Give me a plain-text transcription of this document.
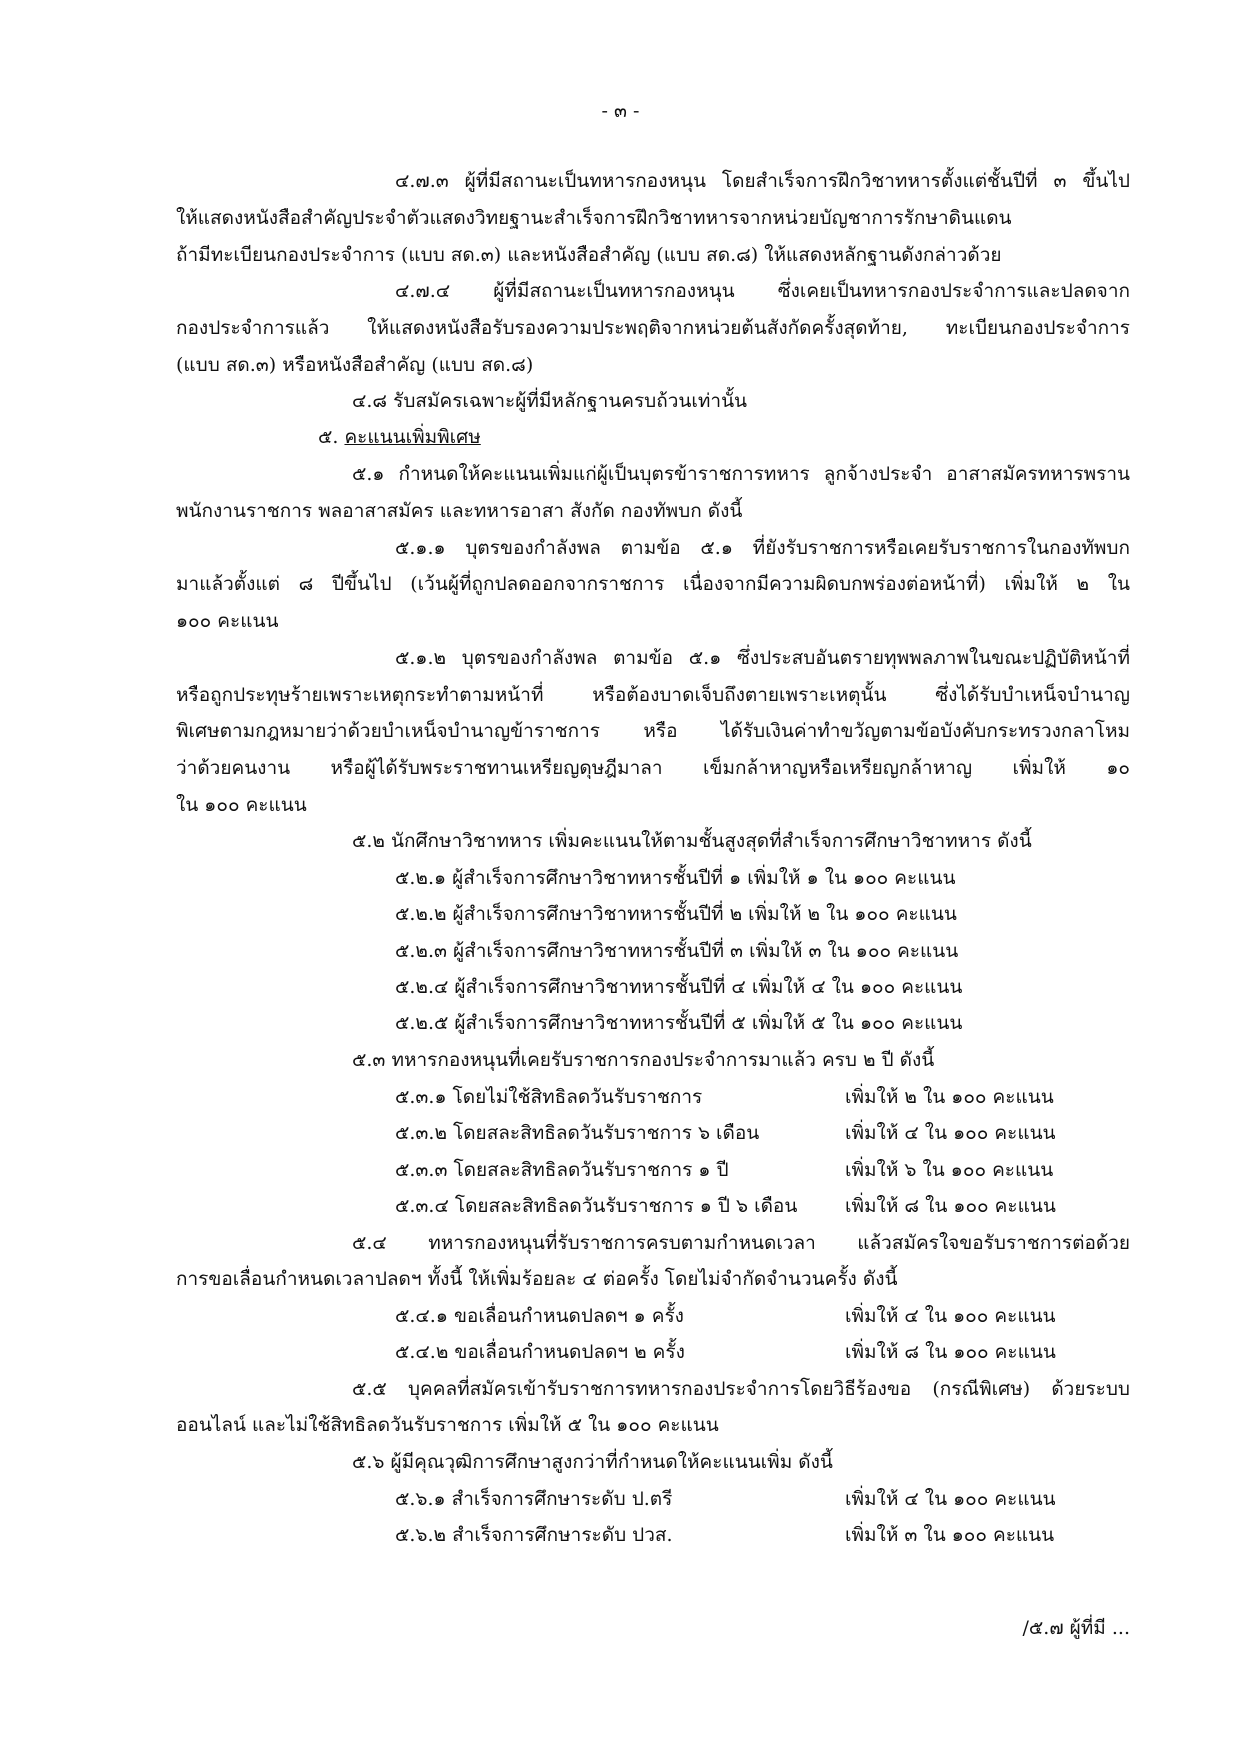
- ๓ -
๔.๗.๓ ผู้ที่มีสถานะเป็นทหารกองหนุน โดยสำเร็จการฝึกวิชาทหารตั้งแต่ชั้นปีที่ ๓ ขึ้นไป
ให้แสดงหนังสือสำคัญประจำตัวแสดงวิทยฐานะสำเร็จการฝึกวิชาทหารจากหน่วยบัญชาการรักษาดินแดน
ถ้ามีทะเบียนกองประจำการ (แบบ สด.๓) และหนังสือสำคัญ (แบบ สด.๘) ให้แสดงหลักฐานดังกล่าวด้วย
๔.๗.๔ ผู้ที่มีสถานะเป็นทหารกองหนุน ซึ่งเคยเป็นทหารกองประจำการและปลดจาก
กองประจำการแล้ว ให้แสดงหนังสือรับรองความประพฤติจากหน่วยต้นสังกัดครั้งสุดท้าย, ทะเบียนกองประจำการ
(แบบ สด.๓) หรือหนังสือสำคัญ (แบบ สด.๘)
๔.๘ รับสมัครเฉพาะผู้ที่มีหลักฐานครบถ้วนเท่านั้น
๕. คะแนนเพิ่มพิเศษ
๕.๑ กำหนดให้คะแนนเพิ่มแก่ผู้เป็นบุตรข้าราชการทหาร ลูกจ้างประจำ อาสาสมัครทหารพราน
พนักงานราชการ พลอาสาสมัคร และทหารอาสา สังกัด กองทัพบก ดังนี้
๕.๑.๑ บุตรของกำลังพล ตามข้อ ๕.๑ ที่ยังรับราชการหรือเคยรับราชการในกองทัพบก
มาแล้วตั้งแต่ ๘ ปีขึ้นไป (เว้นผู้ที่ถูกปลดออกจากราชการ เนื่องจากมีความผิดบกพร่องต่อหน้าที่) เพิ่มให้ ๒ ใน
๑๐๐ คะแนน
๕.๑.๒ บุตรของกำลังพล ตามข้อ ๕.๑ ซึ่งประสบอันตรายทุพพลภาพในขณะปฏิบัติหน้าที่
หรือถูกประทุษร้ายเพราะเหตุกระทำตามหน้าที่ หรือต้องบาดเจ็บถึงตายเพราะเหตุนั้น ซึ่งได้รับบำเหน็จบำนาญ
พิเศษตามกฎหมายว่าด้วยบำเหน็จบำนาญข้าราชการ หรือ ได้รับเงินค่าทำขวัญตามข้อบังคับกระทรวงกลาโหม
ว่าด้วยคนงาน หรือผู้ได้รับพระราชทานเหรียญดุษฎีมาลา เข็มกล้าหาญหรือเหรียญกล้าหาญ เพิ่มให้ ๑๐
ใน ๑๐๐ คะแนน
๕.๒ นักศึกษาวิชาทหาร เพิ่มคะแนนให้ตามชั้นสูงสุดที่สำเร็จการศึกษาวิชาทหาร ดังนี้
๕.๒.๑ ผู้สำเร็จการศึกษาวิชาทหารชั้นปีที่ ๑ เพิ่มให้ ๑ ใน ๑๐๐ คะแนน
๕.๒.๒ ผู้สำเร็จการศึกษาวิชาทหารชั้นปีที่ ๒ เพิ่มให้ ๒ ใน ๑๐๐ คะแนน
๕.๒.๓ ผู้สำเร็จการศึกษาวิชาทหารชั้นปีที่ ๓ เพิ่มให้ ๓ ใน ๑๐๐ คะแนน
๕.๒.๔ ผู้สำเร็จการศึกษาวิชาทหารชั้นปีที่ ๔ เพิ่มให้ ๔ ใน ๑๐๐ คะแนน
๕.๒.๕ ผู้สำเร็จการศึกษาวิชาทหารชั้นปีที่ ๕ เพิ่มให้ ๕ ใน ๑๐๐ คะแนน
๕.๓ ทหารกองหนุนที่เคยรับราชการกองประจำการมาแล้ว ครบ ๒ ปี ดังนี้
๕.๓.๑ โดยไม่ใช้สิทธิลดวันรับราชการ	เพิ่มให้ ๒ ใน ๑๐๐ คะแนน
๕.๓.๒ โดยสละสิทธิลดวันรับราชการ ๖ เดือน	เพิ่มให้ ๔ ใน ๑๐๐ คะแนน
๕.๓.๓ โดยสละสิทธิลดวันรับราชการ ๑ ปี	เพิ่มให้ ๖ ใน ๑๐๐ คะแนน
๕.๓.๔ โดยสละสิทธิลดวันรับราชการ ๑ ปี ๖ เดือน	เพิ่มให้ ๘ ใน ๑๐๐ คะแนน
๕.๔ ทหารกองหนุนที่รับราชการครบตามกำหนดเวลา แล้วสมัครใจขอรับราชการต่อด้วย
การขอเลื่อนกำหนดเวลาปลดฯ ทั้งนี้ ให้เพิ่มร้อยละ ๔ ต่อครั้ง โดยไม่จำกัดจำนวนครั้ง ดังนี้
๕.๔.๑ ขอเลื่อนกำหนดปลดฯ ๑ ครั้ง	เพิ่มให้ ๔ ใน ๑๐๐ คะแนน
๕.๔.๒ ขอเลื่อนกำหนดปลดฯ ๒ ครั้ง	เพิ่มให้ ๘ ใน ๑๐๐ คะแนน
๕.๕ บุคคลที่สมัครเข้ารับราชการทหารกองประจำการโดยวิธีร้องขอ (กรณีพิเศษ) ด้วยระบบ
ออนไลน์ และไม่ใช้สิทธิลดวันรับราชการ เพิ่มให้ ๕ ใน ๑๐๐ คะแนน
๕.๖ ผู้มีคุณวุฒิการศึกษาสูงกว่าที่กำหนดให้คะแนนเพิ่ม ดังนี้
๕.๖.๑ สำเร็จการศึกษาระดับ ป.ตรี	เพิ่มให้ ๔ ใน ๑๐๐ คะแนน
๕.๖.๒ สำเร็จการศึกษาระดับ ปวส.	เพิ่มให้ ๓ ใน ๑๐๐ คะแนน
/๕.๗ ผู้ที่มี ...
